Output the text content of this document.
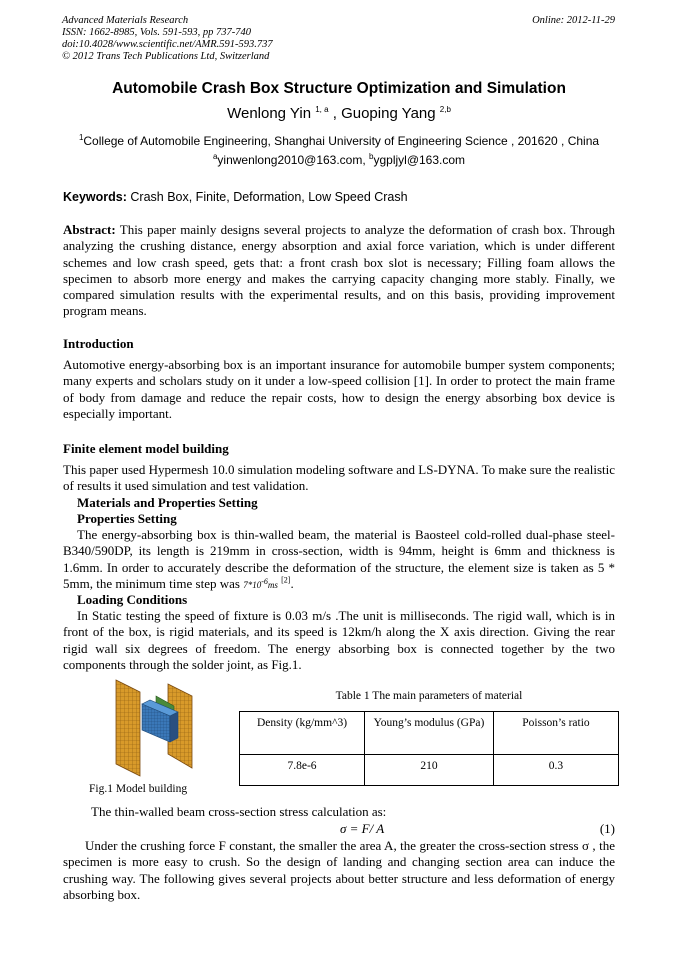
Advanced Materials Research
ISSN: 1662-8985, Vols. 591-593, pp 737-740
doi:10.4028/www.scientific.net/AMR.591-593.737
© 2012 Trans Tech Publications Ltd, Switzerland
Online: 2012-11-29
Automobile Crash Box Structure Optimization and Simulation
Wenlong Yin $^{1, a}$ , Guoping Yang $^{2,b}$
$^1$College of Automobile Engineering, Shanghai University of Engineering Science , 201620 , China
$^a$yinwenlong2010@163.com, $^b$ygpljyl@163.com
Keywords: Crash Box, Finite, Deformation, Low Speed Crash
Abstract: This paper mainly designs several projects to analyze the deformation of crash box. Through analyzing the crushing distance, energy absorption and axial force variation, which is under different schemes and low crash speed, gets that: a front crash box slot is necessary; Filling foam allows the specimen to absorb more energy and makes the carrying capacity changing more stably. Finally, we compared simulation results with the experimental results, and on this basis, providing improvement program means.
Introduction
Automotive energy-absorbing box is an important insurance for automobile bumper system components; many experts and scholars study on it under a low-speed collision [1]. In order to protect the main frame of body from damage and reduce the repair costs, how to design the energy absorbing box device is especially important.
Finite element model building
This paper used Hypermesh 10.0 simulation modeling software and LS-DYNA. To make sure the realistic of results it used simulation and test validation.
Materials and Properties Setting
Properties Setting
The energy-absorbing box is thin-walled beam, the material is Baosteel cold-rolled dual-phase steel-B340/590DP, its length is 219mm in cross-section, width is 94mm, height is 6mm and thickness is 1.6mm. In order to accurately describe the deformation of the structure, the element size is taken as 5 * 5mm, the minimum time step was $7*10^{-6}ms$ [2].
Loading Conditions
In Static testing the speed of fixture is 0.03 m/s .The unit is milliseconds. The rigid wall, which is in front of the box, is rigid materials, and its speed is 12km/h along the X axis direction. Giving the rear rigid wall six degrees of freedom. The energy absorbing box is connected together by the two components through the solder joint, as Fig.1.
Fig.1 Model building
Table 1 The main parameters of material
Density (kg/mm^3)	Young’s modulus (GPa)	Poisson’s ratio
7.8e-6	210	0.3
The thin-walled beam cross-section stress calculation as:
σ = F/ A	(1)
Under the crushing force F constant, the smaller the area A, the greater the cross-section stress σ , the specimen is more easy to crush. So the design of landing and changing section area can induce the crushing way. The following gives several projects about better structure and less deformation of energy absorbing box.
